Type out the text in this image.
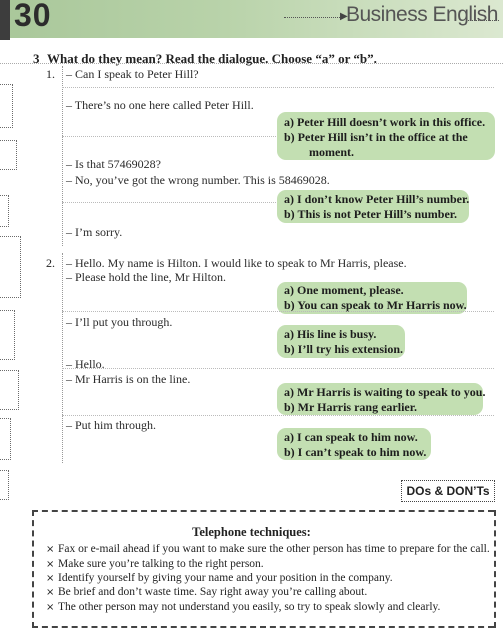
30	▶
Business English
3 What do they mean? Read the dialogue. Choose “a” or “b”.
1. – Can I speak to Peter Hill?
– There’s no one here called Peter Hill.
a) Peter Hill doesn’t work in this office.
b) Peter Hill isn’t in the office at the
moment.
– Is that 57469028?
– No, you’ve got the wrong number. This is 58469028.
a) I don’t know Peter Hill’s number.
b) This is not Peter Hill’s number.
– I’m sorry.
2. – Hello. My name is Hilton. I would like to speak to Mr Harris, please.
– Please hold the line, Mr Hilton.
a) One moment, please.
b) You can speak to Mr Harris now.
– I’ll put you through.
a) His line is busy.
b) I’ll try his extension.
– Hello.
– Mr Harris is on the line.
a) Mr Harris is waiting to speak to you.
b) Mr Harris rang earlier.
– Put him through.
a) I can speak to him now.
b) I can’t speak to him now.
DOs & DON’Ts
Telephone techniques:
× Fax or e-mail ahead if you want to make sure the other person has time to prepare for the call.
× Make sure you’re talking to the right person.
× Identify yourself by giving your name and your position in the company.
× Be brief and don’t waste time. Say right away you’re calling about.
× The other person may not understand you easily, so try to speak slowly and clearly.
